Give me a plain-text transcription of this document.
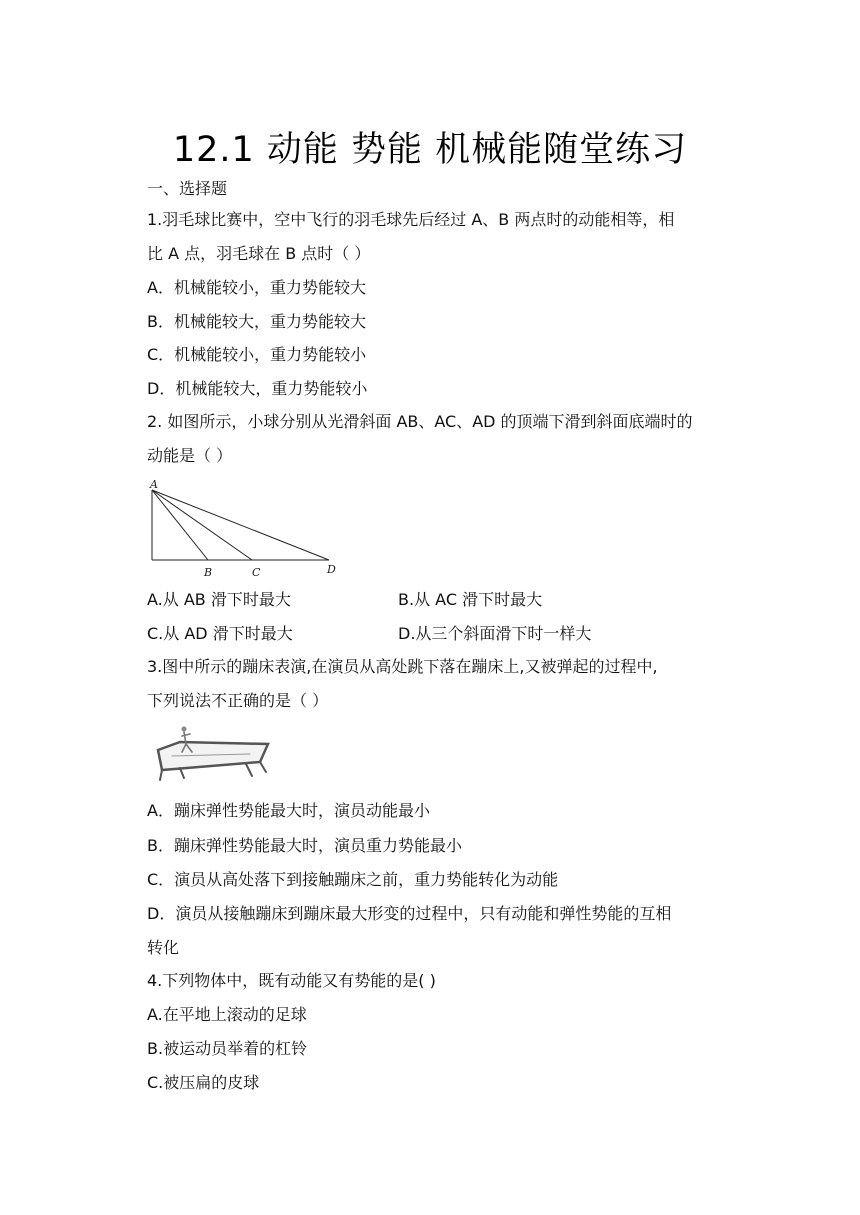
12.1 动能 势能 机械能随堂练习
一、选择题
1.羽毛球比赛中，空中飞行的羽毛球先后经过 A、B 两点时的动能相等，相
比 A 点，羽毛球在 B 点时（ ）
A．机械能较小，重力势能较大
B．机械能较大，重力势能较大
C．机械能较小，重力势能较小
D．机械能较大，重力势能较小
2. 如图所示，小球分别从光滑斜面 AB、AC、AD 的顶端下滑到斜面底端时的
动能是（ ）
A
B	C	D
A.从 AB 滑下时最大	B.从 AC 滑下时最大
C.从 AD 滑下时最大	D.从三个斜面滑下时一样大
3.图中所示的蹦床表演,在演员从高处跳下落在蹦床上,又被弹起的过程中,
下列说法不正确的是（ ）
A．蹦床弹性势能最大时，演员动能最小
B．蹦床弹性势能最大时，演员重力势能最小
C．演员从高处落下到接触蹦床之前，重力势能转化为动能
D．演员从接触蹦床到蹦床最大形变的过程中，只有动能和弹性势能的互相
转化
4.下列物体中，既有动能又有势能的是( )
A.在平地上滚动的足球
B.被运动员举着的杠铃
C.被压扁的皮球
